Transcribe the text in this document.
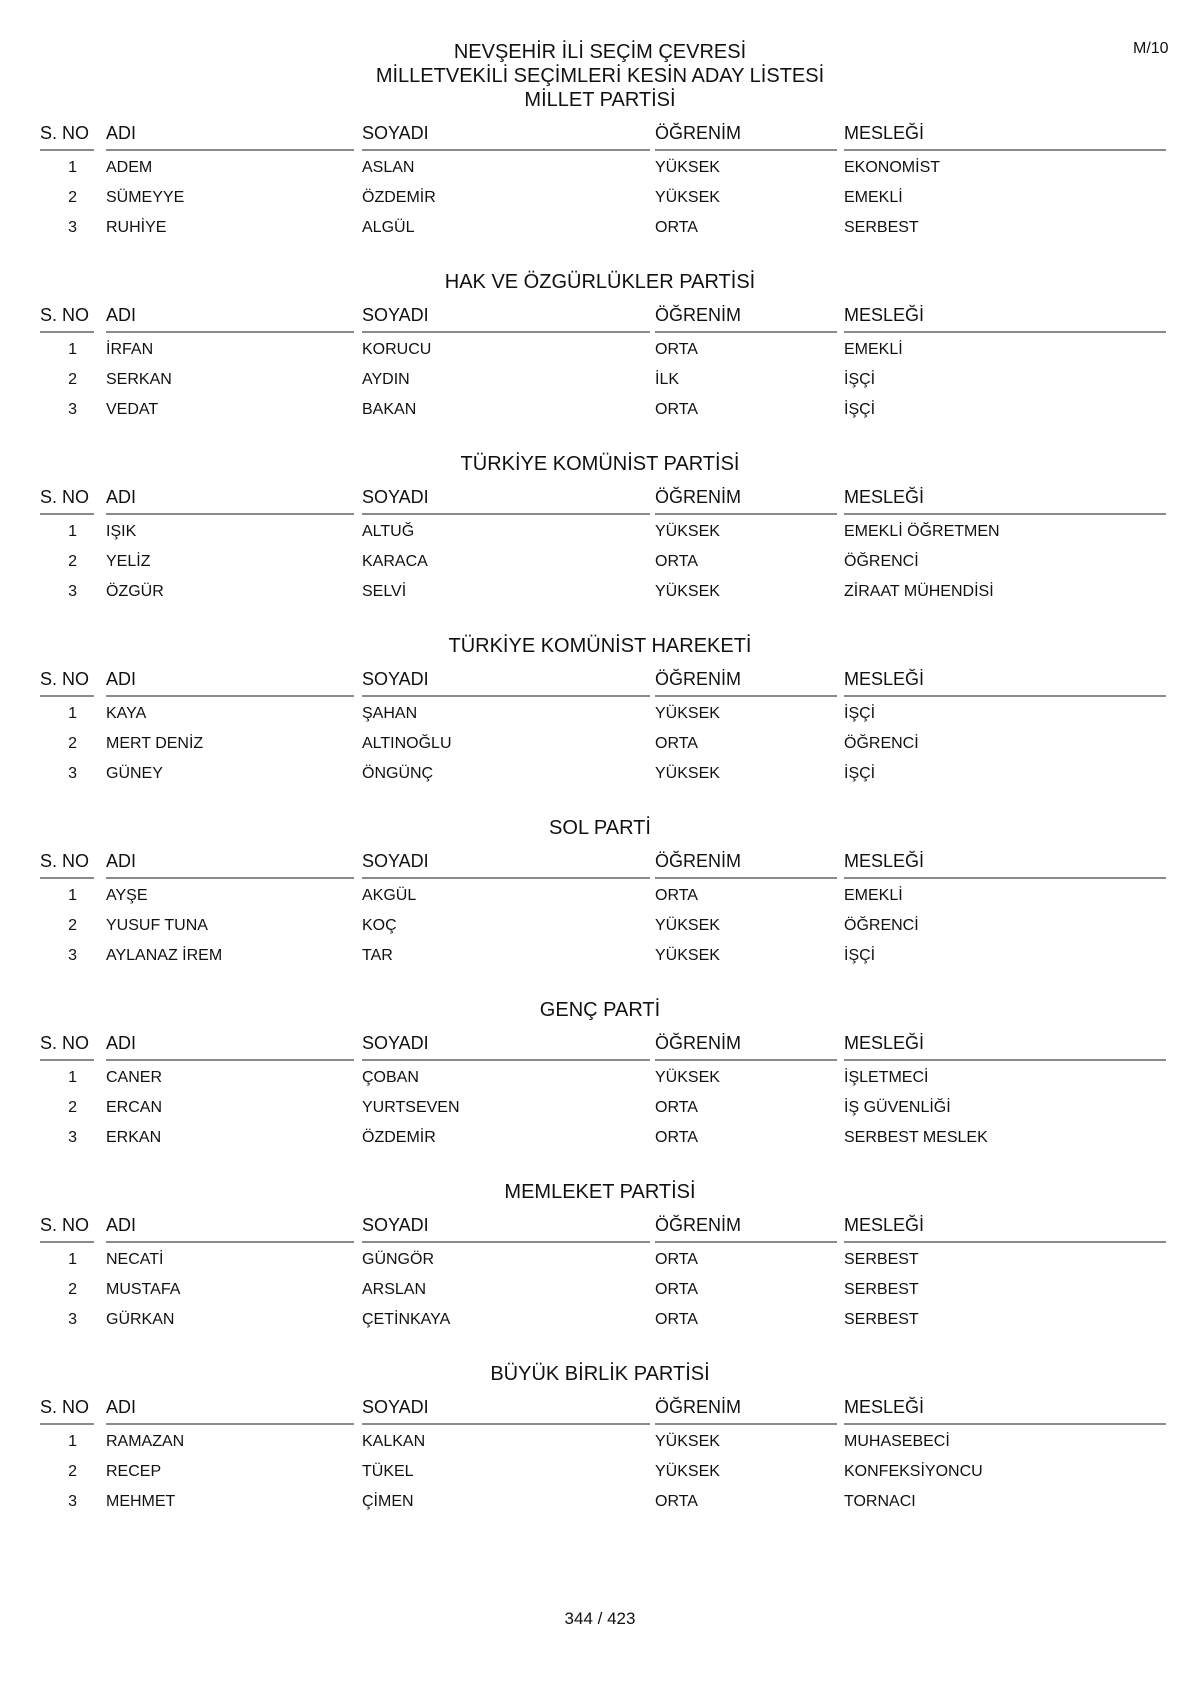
M/10
NEVŞEHİR İLİ SEÇİM ÇEVRESİ
MİLLETVEKİLİ SEÇİMLERİ KESİN ADAY LİSTESİ
MİLLET PARTİSİ
S. NO ADI	SOYADI	ÖĞRENİM	MESLEĞİ
1 ADEM	ASLAN	YÜKSEK	EKONOMİST
2 SÜMEYYE	ÖZDEMİR	YÜKSEK	EMEKLİ
3 RUHİYE	ALGÜL	ORTA	SERBEST
HAK VE ÖZGÜRLÜKLER PARTİSİ
S. NO ADI	SOYADI	ÖĞRENİM	MESLEĞİ
1 İRFAN	KORUCU	ORTA	EMEKLİ
2 SERKAN	AYDIN	İLK	İŞÇİ
3 VEDAT	BAKAN	ORTA	İŞÇİ
TÜRKİYE KOMÜNİST PARTİSİ
S. NO ADI	SOYADI	ÖĞRENİM	MESLEĞİ
1 IŞIK	ALTUĞ	YÜKSEK	EMEKLİ ÖĞRETMEN
2 YELİZ	KARACA	ORTA	ÖĞRENCİ
3 ÖZGÜR	SELVİ	YÜKSEK	ZİRAAT MÜHENDİSİ
TÜRKİYE KOMÜNİST HAREKETİ
S. NO ADI	SOYADI	ÖĞRENİM	MESLEĞİ
1 KAYA	ŞAHAN	YÜKSEK	İŞÇİ
2 MERT DENİZ	ALTINOĞLU	ORTA	ÖĞRENCİ
3 GÜNEY	ÖNGÜNÇ	YÜKSEK	İŞÇİ
SOL PARTİ
S. NO ADI	SOYADI	ÖĞRENİM	MESLEĞİ
1 AYŞE	AKGÜL	ORTA	EMEKLİ
2 YUSUF TUNA	KOÇ	YÜKSEK	ÖĞRENCİ
3 AYLANAZ İREM	TAR	YÜKSEK	İŞÇİ
GENÇ PARTİ
S. NO ADI	SOYADI	ÖĞRENİM	MESLEĞİ
1 CANER	ÇOBAN	YÜKSEK	İŞLETMECİ
2 ERCAN	YURTSEVEN	ORTA	İŞ GÜVENLİĞİ
3 ERKAN	ÖZDEMİR	ORTA	SERBEST MESLEK
MEMLEKET PARTİSİ
S. NO ADI	SOYADI	ÖĞRENİM	MESLEĞİ
1 NECATİ	GÜNGÖR	ORTA	SERBEST
2 MUSTAFA	ARSLAN	ORTA	SERBEST
3 GÜRKAN	ÇETİNKAYA	ORTA	SERBEST
BÜYÜK BİRLİK PARTİSİ
S. NO ADI	SOYADI	ÖĞRENİM	MESLEĞİ
1 RAMAZAN	KALKAN	YÜKSEK	MUHASEBECİ
2 RECEP	TÜKEL	YÜKSEK	KONFEKSİYONCU
3 MEHMET	ÇİMEN	ORTA	TORNACI
344 / 423
